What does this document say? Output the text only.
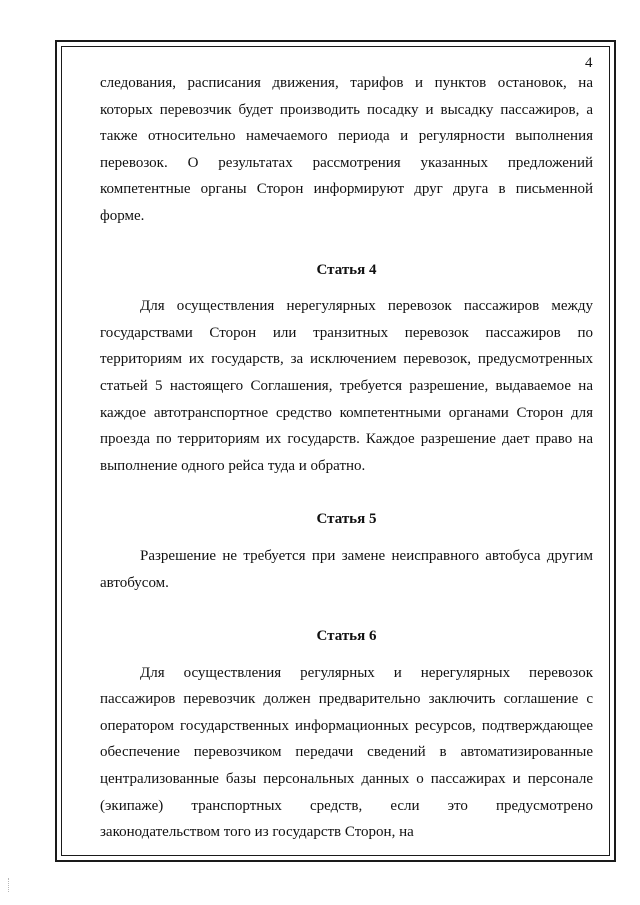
4

следования, расписания движения, тарифов и пунктов остановок, на которых перевозчик будет производить посадку и высадку пассажиров, а также относительно намечаемого периода и регулярности выполнения перевозок. О результатах рассмотрения указанных предложений компетентные органы Сторон информируют друг друга в письменной форме.

Статья 4

Для осуществления нерегулярных перевозок пассажиров между государствами Сторон или транзитных перевозок пассажиров по территориям их государств, за исключением перевозок, предусмотренных статьей 5 настоящего Соглашения, требуется разрешение, выдаваемое на каждое автотранспортное средство компетентными органами Сторон для проезда по территориям их государств. Каждое разрешение дает право на выполнение одного рейса туда и обратно.

Статья 5

Разрешение не требуется при замене неисправного автобуса другим автобусом.

Статья 6

Для осуществления регулярных и нерегулярных перевозок пассажиров перевозчик должен предварительно заключить соглашение с оператором государственных информационных ресурсов, подтверждающее обеспечение перевозчиком передачи сведений в автоматизированные централизованные базы персональных данных о пассажирах и персонале (экипаже) транспортных средств, если это предусмотрено законодательством того из государств Сторон, на
